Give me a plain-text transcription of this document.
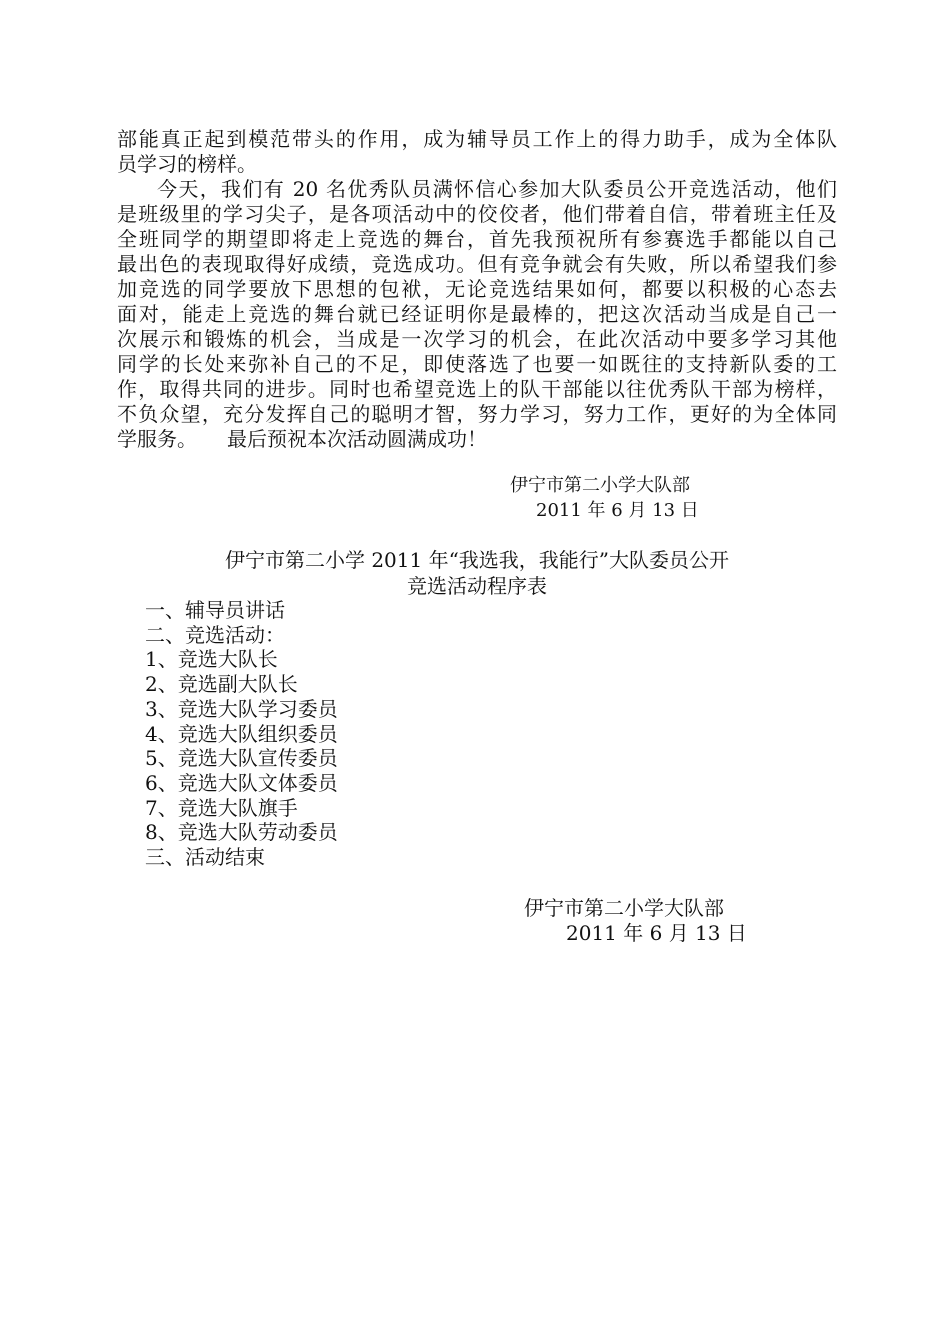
部能真正起到模范带头的作用，成为辅导员工作上的得力助手，成为全体队
员学习的榜样。
今天，我们有 20 名优秀队员满怀信心参加大队委员公开竞选活动，他们
是班级里的学习尖子，是各项活动中的佼佼者，他们带着自信，带着班主任及
全班同学的期望即将走上竞选的舞台，首先我预祝所有参赛选手都能以自己
最出色的表现取得好成绩，竞选成功。但有竞争就会有失败，所以希望我们参
加竞选的同学要放下思想的包袱，无论竞选结果如何，都要以积极的心态去
面对，能走上竞选的舞台就已经证明你是最棒的，把这次活动当成是自己一
次展示和锻炼的机会，当成是一次学习的机会，在此次活动中要多学习其他
同学的长处来弥补自己的不足，即使落选了也要一如既往的支持新队委的工
作，取得共同的进步。同时也希望竞选上的队干部能以往优秀队干部为榜样，
不负众望，充分发挥自己的聪明才智，努力学习，努力工作，更好的为全体同
学服务。　　最后预祝本次活动圆满成功！
伊宁市第二小学大队部
2011 年 6 月 13 日
伊宁市第二小学 2011 年“我选我，我能行”大队委员公开
竞选活动程序表
一、辅导员讲话
二、竞选活动：
1、竞选大队长
2、竞选副大队长
3、竞选大队学习委员
4、竞选大队组织委员
5、竞选大队宣传委员
6、竞选大队文体委员
7、竞选大队旗手
8、竞选大队劳动委员
三、活动结束
伊宁市第二小学大队部
2011 年 6 月 13 日
